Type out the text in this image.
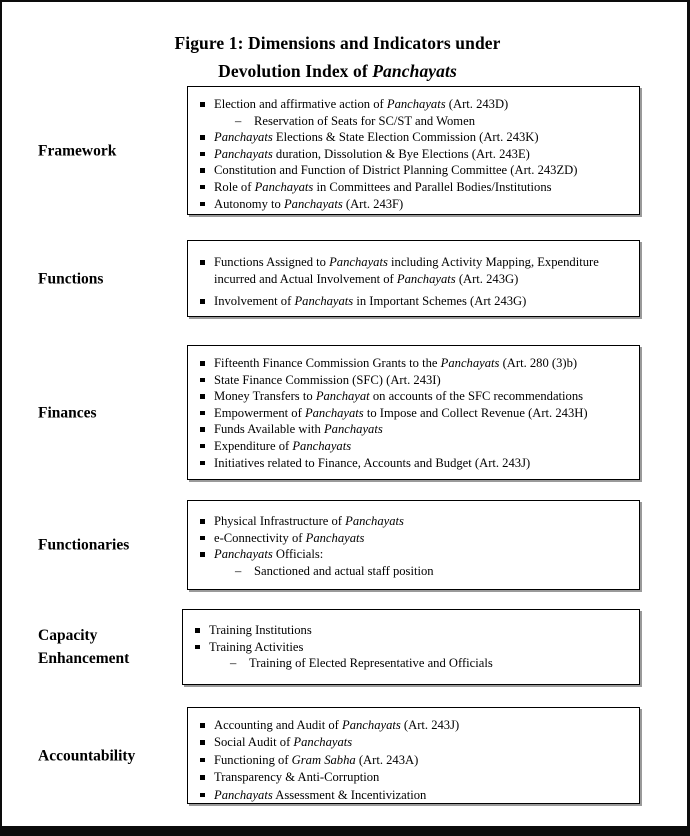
Figure 1: Dimensions and Indicators under
Devolution Index of Panchayats
Framework
Election and affirmative action of Panchayats (Art. 243D)
–	Reservation of Seats for SC/ST and Women
Panchayats Elections & State Election Commission (Art. 243K)
Panchayats duration, Dissolution & Bye Elections (Art. 243E)
Constitution and Function of District Planning Committee (Art. 243ZD)
Role of Panchayats in Committees and Parallel Bodies/Institutions
Autonomy to Panchayats (Art. 243F)
Functions
Functions Assigned to Panchayats including Activity Mapping, Expenditure incurred and Actual Involvement of Panchayats (Art. 243G)
Involvement of Panchayats in Important Schemes (Art 243G)
Finances
Fifteenth Finance Commission Grants to the Panchayats (Art. 280 (3)b)
State Finance Commission (SFC) (Art. 243I)
Money Transfers to Panchayat on accounts of the SFC recommendations
Empowerment of Panchayats to Impose and Collect Revenue (Art. 243H)
Funds Available with Panchayats
Expenditure of Panchayats
Initiatives related to Finance, Accounts and Budget (Art. 243J)
Functionaries
Physical Infrastructure of Panchayats
e-Connectivity of Panchayats
Panchayats Officials:
–	Sanctioned and actual staff position
Capacity Enhancement
Training Institutions
Training Activities
–	Training of Elected Representative and Officials
Accountability
Accounting and Audit of Panchayats (Art. 243J)
Social Audit of Panchayats
Functioning of Gram Sabha (Art. 243A)
Transparency & Anti-Corruption
Panchayats Assessment & Incentivization
